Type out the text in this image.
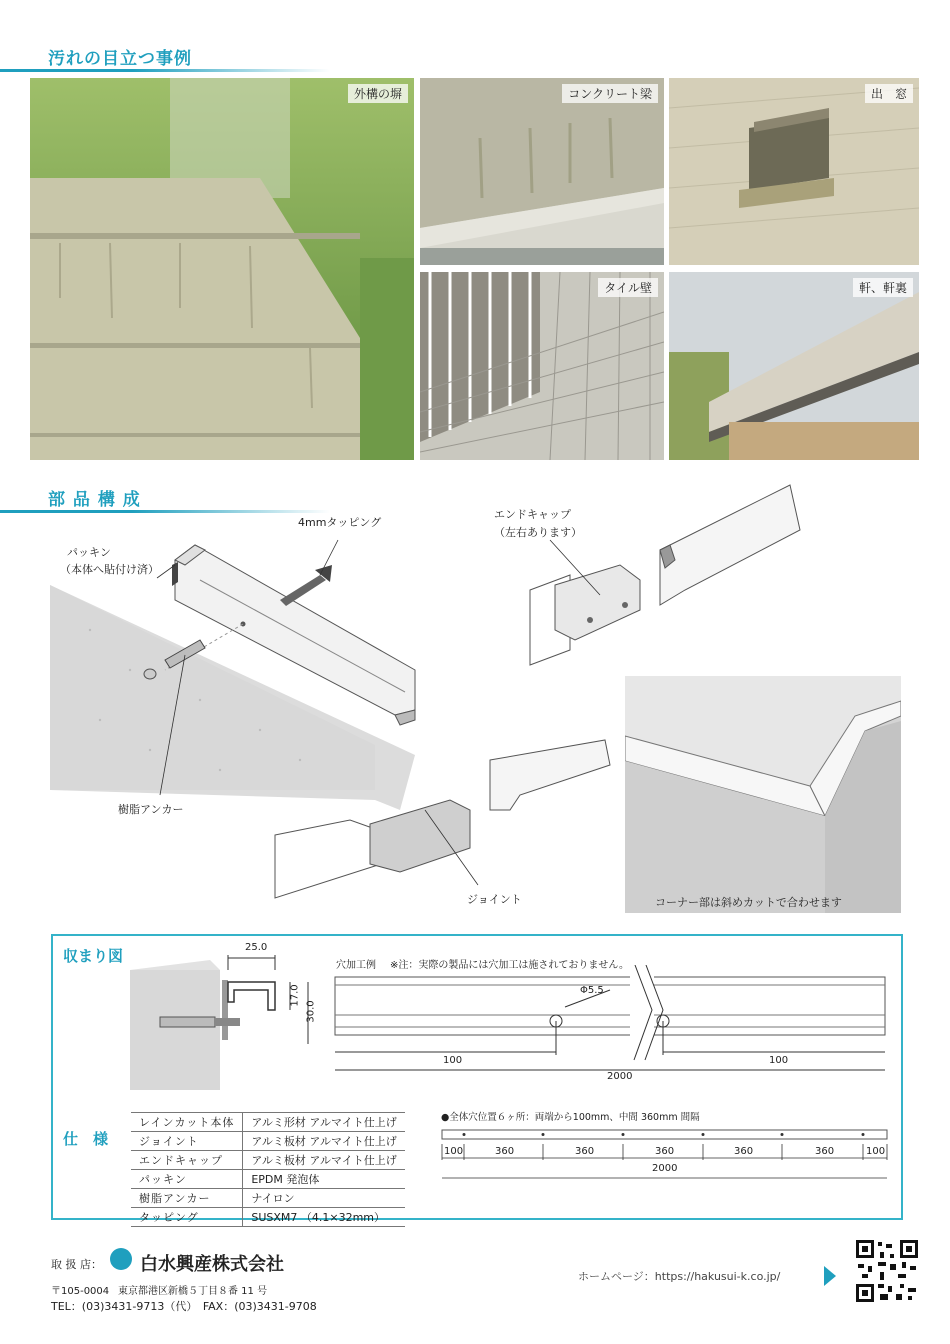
汚れの目立つ事例
外構の塀	コンクリート梁	出　窓
タイル壁	軒、軒裏
部 品 構 成
4mmタッピング
パッキン
（本体へ貼付け済）
樹脂アンカー
ジョイント
エンドキャップ
（左右あります）
コーナー部は斜めカットで合わせます
収まり図	25.0
17.0
30.0
穴加工例 ※注：実際の製品には穴加工は施されておりません。
Φ5.5
100	100
2000
仕　様
レインカット本体	アルミ形材 アルマイト仕上げ
ジョイント	アルミ板材 アルマイト仕上げ
エンドキャップ	アルミ板材 アルマイト仕上げ
パッキン	EPDM 発泡体
樹脂アンカー	ナイロン
タッピング	SUSXM7 （4.1×32mm）
●全体穴位置６ヶ所：両端から100mm、中間 360mm 間隔
100	360	360	360	360	360	100
2000
取 扱 店： 白水興産株式会社
〒105-0004 東京都港区新橋５丁目８番 11 号
TEL：(03)3431-9713（代）　FAX：(03)3431-9708
ホームページ：https://hakusui-k.co.jp/
